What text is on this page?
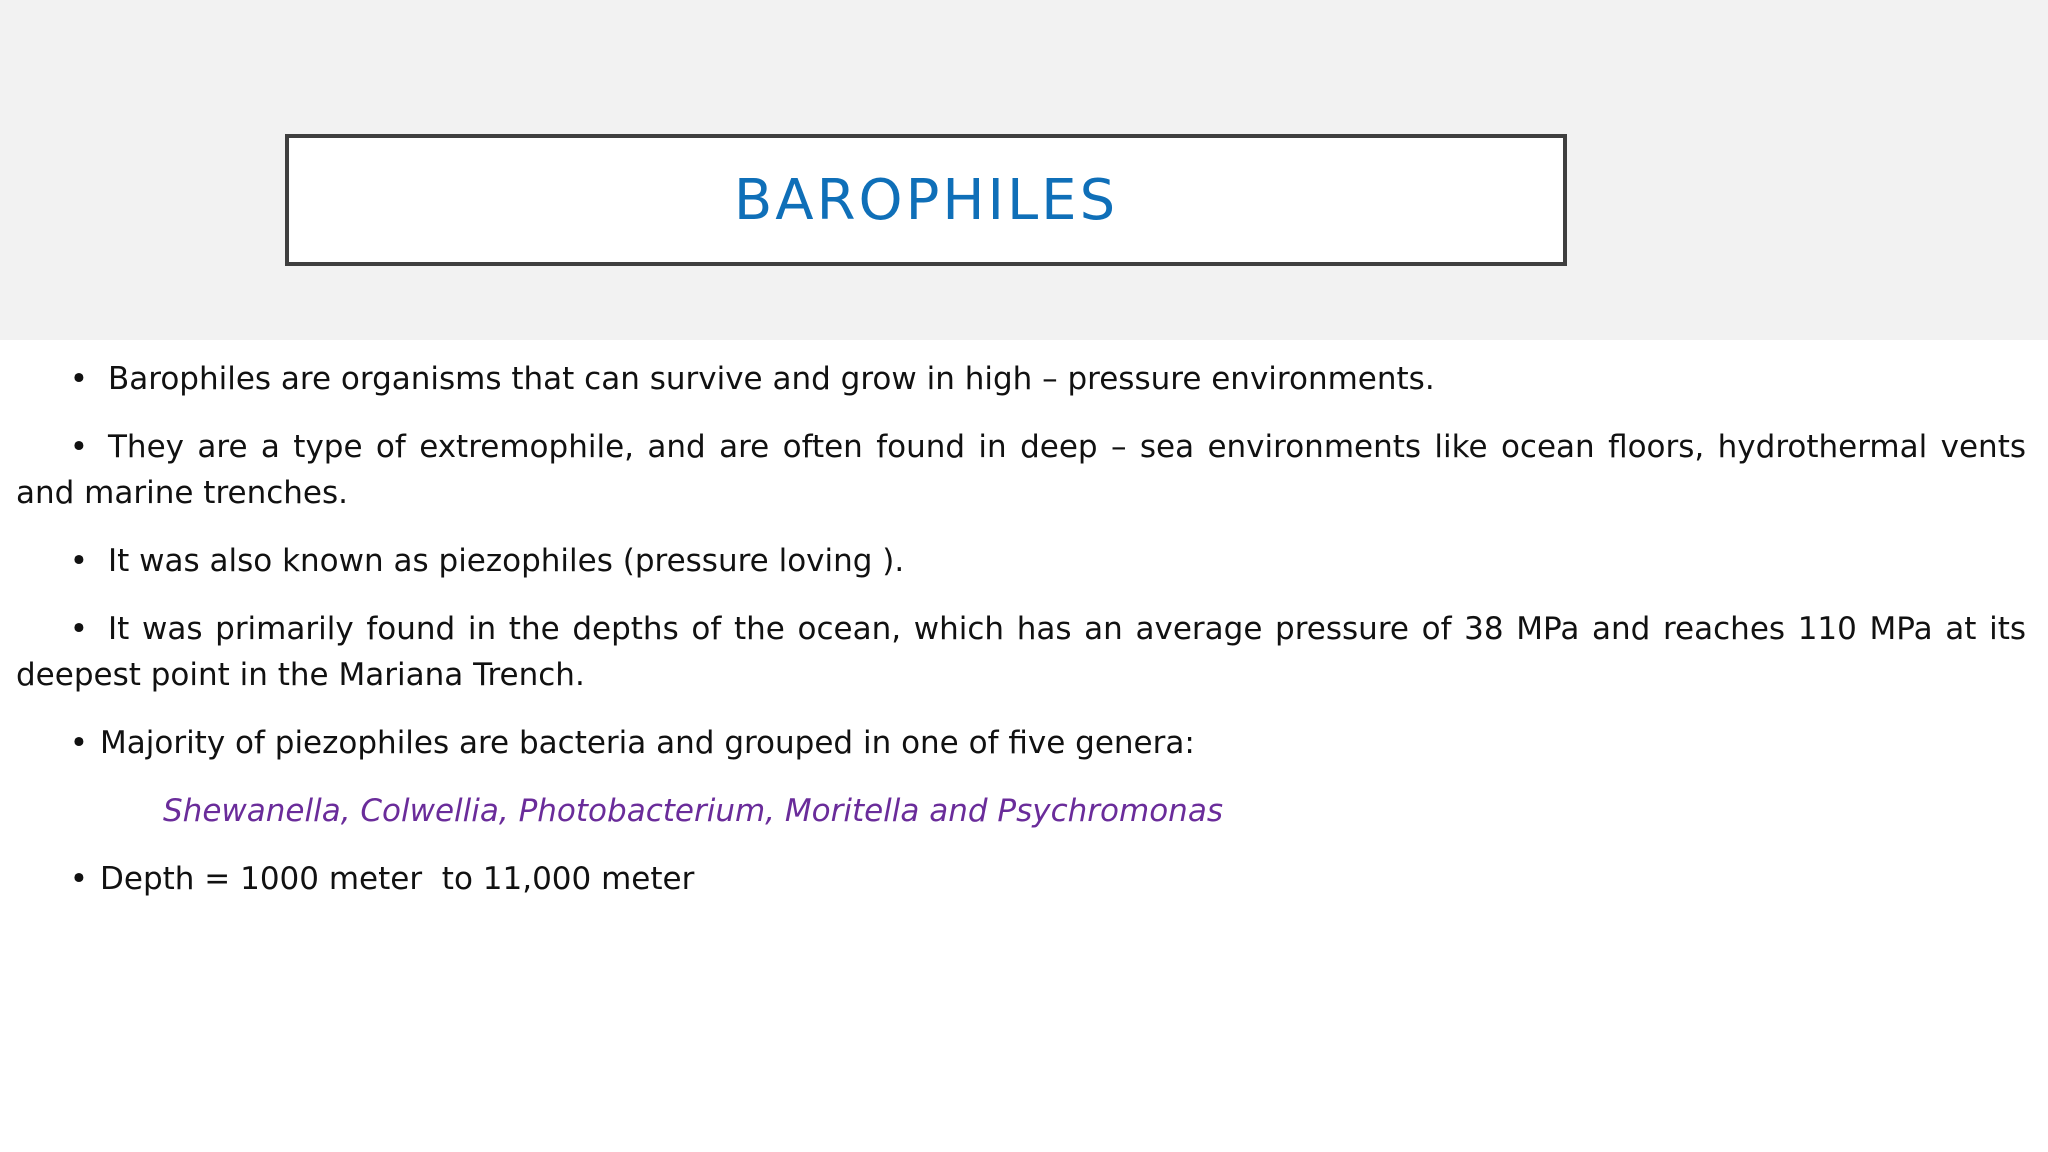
BAROPHILES

• Barophiles are organisms that can survive and grow in high – pressure environments.

• They are a type of extremophile, and are often found in deep – sea environments like ocean floors, hydrothermal vents and marine trenches.

• It was also known as piezophiles (pressure loving ).

• It was primarily found in the depths of the ocean, which has an average pressure of 38 MPa and reaches 110 MPa at its deepest point in the Mariana Trench.

• Majority of piezophiles are bacteria and grouped in one of five genera:

Shewanella, Colwellia, Photobacterium, Moritella and Psychromonas

• Depth = 1000 meter  to 11,000 meter
